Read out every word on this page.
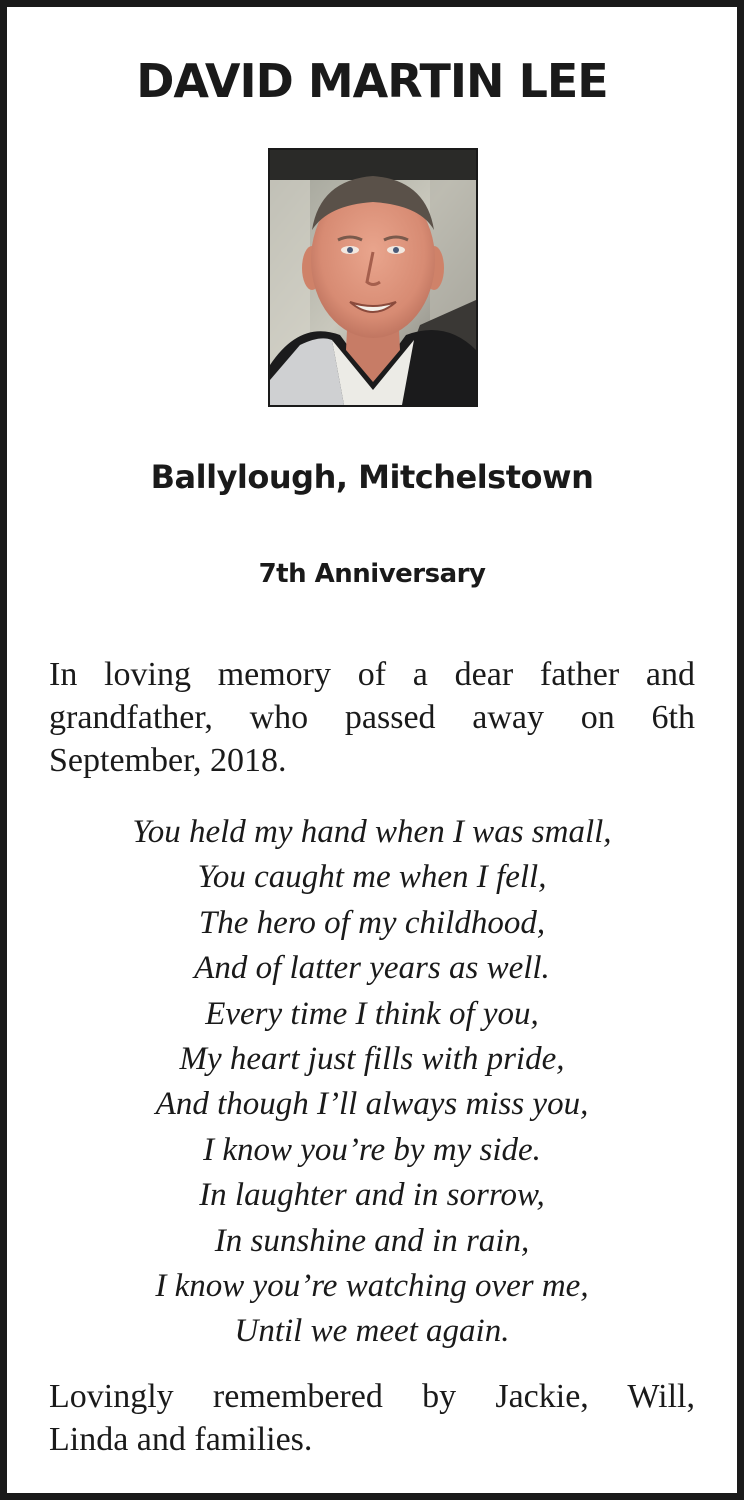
DAVID MARTIN LEE
Ballylough, Mitchelstown
7th Anniversary
In loving memory of a dear father and
grandfather, who passed away on 6th
September, 2018.
You held my hand when I was small,
You caught me when I fell,
The hero of my childhood,
And of latter years as well.
Every time I think of you,
My heart just fills with pride,
And though I’ll always miss you,
I know you’re by my side.
In laughter and in sorrow,
In sunshine and in rain,
I know you’re watching over me,
Until we meet again.
Lovingly remembered by Jackie, Will,
Linda and families.
